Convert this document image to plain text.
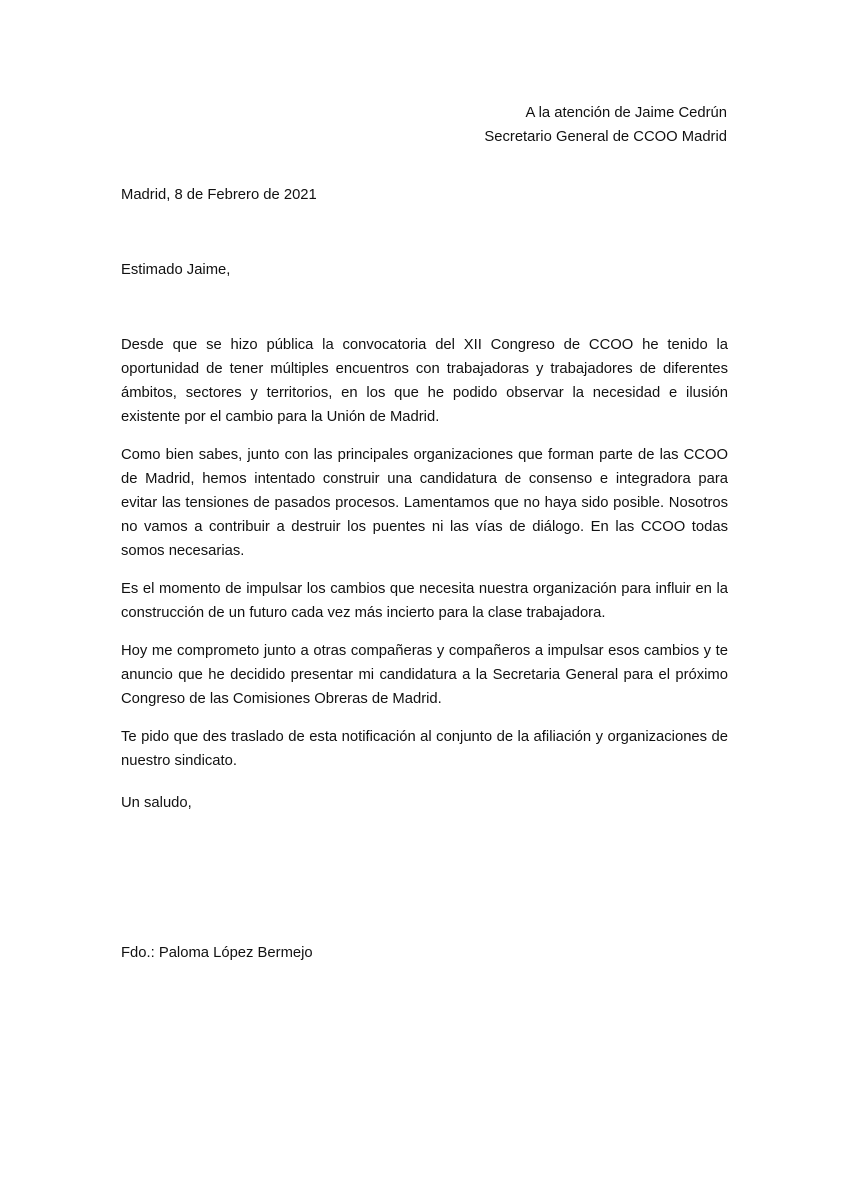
A la atención de Jaime Cedrún
Secretario General de CCOO Madrid
Madrid, 8 de Febrero de 2021
Estimado Jaime,

Desde que se hizo pública la convocatoria del XII Congreso de CCOO he tenido la oportunidad de tener múltiples encuentros con trabajadoras y trabajadores de diferentes ámbitos, sectores y territorios, en los que he podido observar la necesidad e ilusión existente por el cambio para la Unión de Madrid.

Como bien sabes, junto con las principales organizaciones que forman parte de las CCOO de Madrid, hemos intentado construir una candidatura de consenso e integradora para evitar las tensiones de pasados procesos. Lamentamos que no haya sido posible. Nosotros no vamos a contribuir a destruir los puentes ni las vías de diálogo. En las CCOO todas somos necesarias.

Es el momento de impulsar los cambios que necesita nuestra organización para influir en la construcción de un futuro cada vez más incierto para la clase trabajadora.

Hoy me comprometo junto a otras compañeras y compañeros a impulsar esos cambios y te anuncio que he decidido presentar mi candidatura a la Secretaria General para el próximo Congreso de las Comisiones Obreras de Madrid.

Te pido que des traslado de esta notificación al conjunto de la afiliación y organizaciones de nuestro sindicato.

Un saludo,
Fdo.: Paloma López Bermejo
